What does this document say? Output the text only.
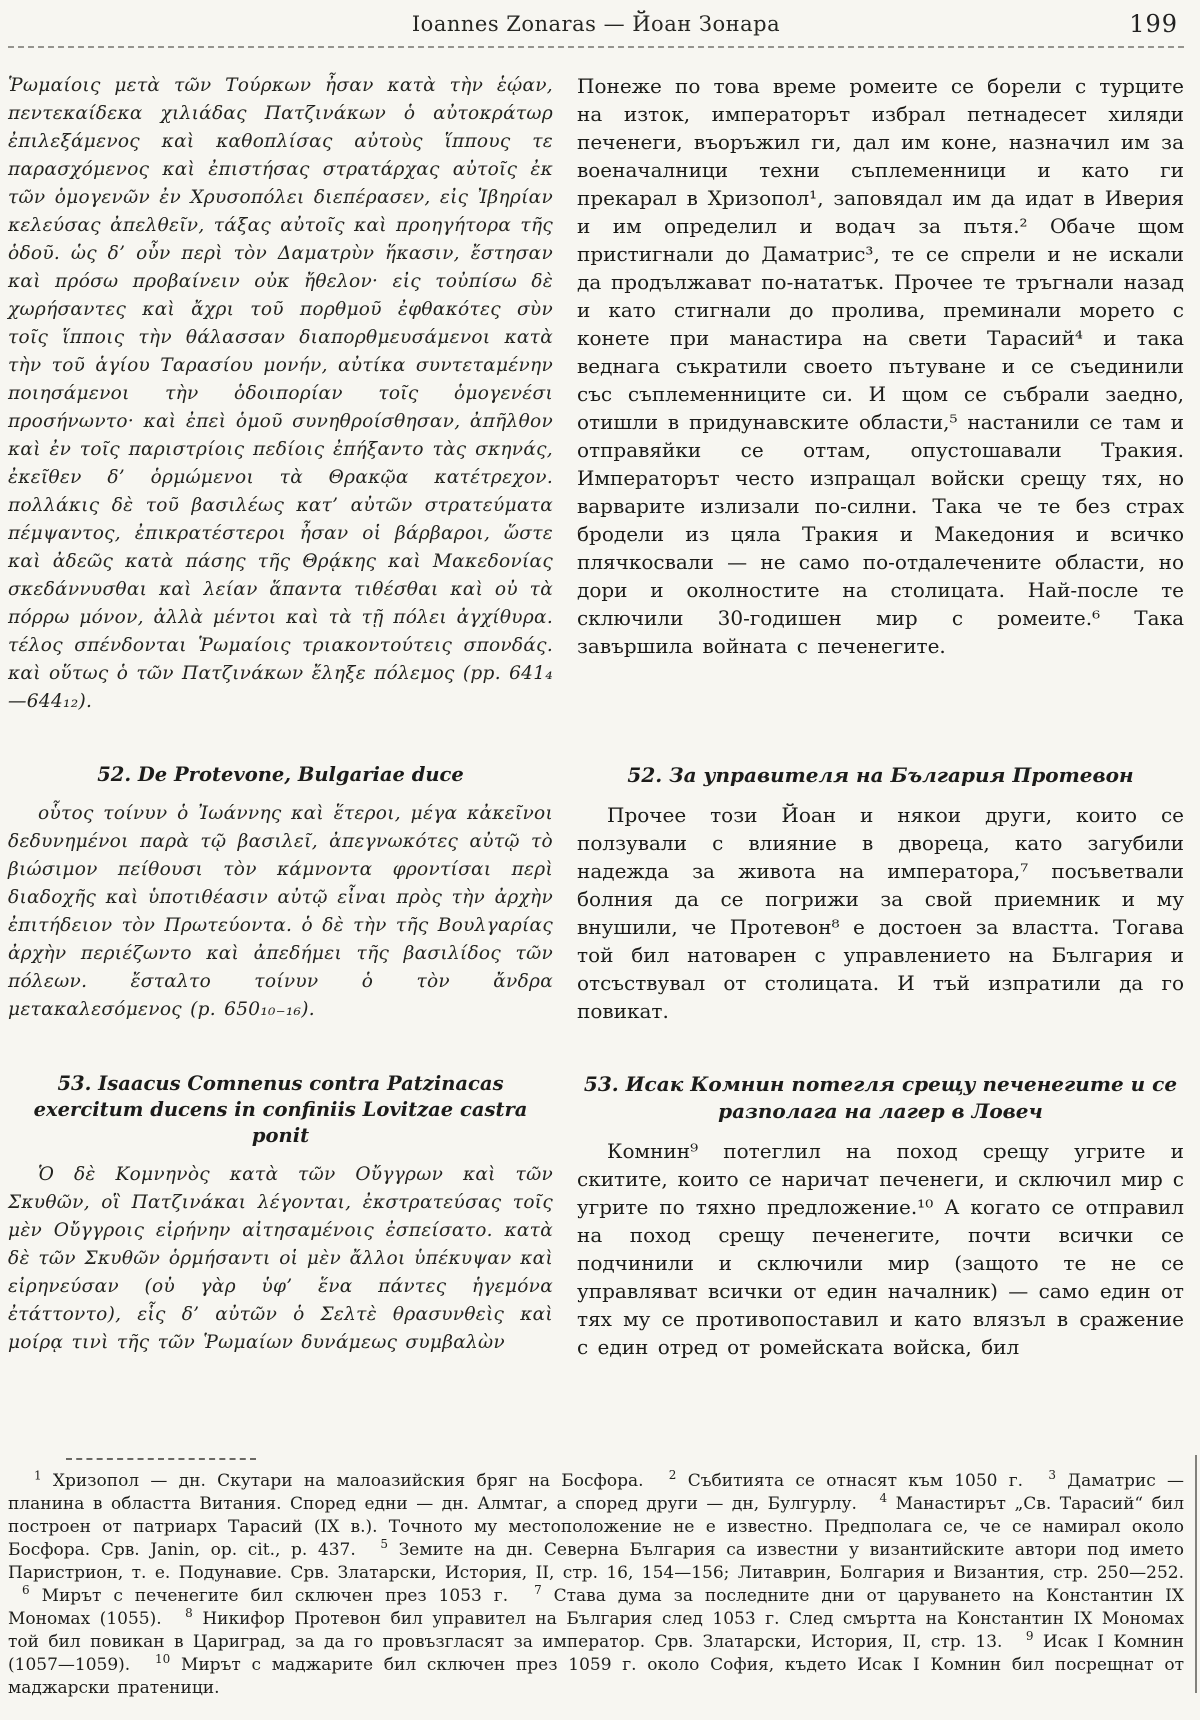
Ioannes Zonaras — Йоан Зонара	199

Ῥωμαίοις μετὰ τῶν Τούρκων ἦσαν κατὰ τὴν ἑῴαν, πεντεκαίδεκα χιλιάδας Πατζινάκων ὁ αὐτοκράτωρ ἐπιλεξάμενος καὶ καθοπλίσας αὐτοὺς ἵππους τε παρασχόμενος καὶ ἐπιστήσας στρατάρχας αὐτοῖς ἐκ τῶν ὁμογενῶν ἐν Χρυσοπόλει διεπέρασεν, εἰς Ἰβηρίαν κελεύσας ἀπελθεῖν, τάξας αὐτοῖς καὶ προηγήτορα τῆς ὁδοῦ. ὡς δ’ οὖν περὶ τὸν Δαματρὺν ἥκασιν, ἔστησαν καὶ πρόσω προβαίνειν οὐκ ἤθελον· εἰς τοὐπίσω δὲ χωρήσαντες καὶ ἄχρι τοῦ πορθμοῦ ἐφθακότες σὺν τοῖς ἵπποις τὴν θάλασσαν διαπορθμευσάμενοι κατὰ τὴν τοῦ ἁγίου Ταρασίου μονήν, αὐτίκα συντεταμένην ποιησάμενοι τὴν ὁδοιπορίαν τοῖς ὁμογενέσι προσήνωντο· καὶ ἐπεὶ ὁμοῦ συνηθροίσθησαν, ἀπῆλθον καὶ ἐν τοῖς παριστρίοις πεδίοις ἐπήξαντο τὰς σκηνάς, ἐκεῖθεν δ’ ὁρμώμενοι τὰ Θρακῷα κατέτρεχον. πολλάκις δὲ τοῦ βασιλέως κατ’ αὐτῶν στρατεύματα πέμψαντος, ἐπικρατέστεροι ἦσαν οἱ βάρβαροι, ὥστε καὶ ἀδεῶς κατὰ πάσης τῆς Θρᾴκης καὶ Μακεδονίας σκεδάννυσθαι καὶ λείαν ἅπαντα τιθέσθαι καὶ οὐ τὰ πόρρω μόνον, ἀλλὰ μέντοι καὶ τὰ τῇ πόλει ἀγχίθυρα. τέλος σπένδονται Ῥωμαίοις τριακοντούτεις σπονδάς. καὶ οὕτως ὁ τῶν Πατζινάκων ἔληξε πόλεμος (pp. 641₄—644₁₂).

Понеже по това време ромеите се борели с турците на изток, императорът избрал петнадесет хиляди печенеги, въоръжил ги, дал им коне, назначил им за военачалници техни съплеменници и като ги прекарал в Хризопол¹, заповядал им да идат в Иверия и им определил и водач за пътя.² Обаче щом пристигнали до Даматрис³, те се спрели и не искали да продължават по-нататък. Прочее те тръгнали назад и като стигнали до пролива, преминали морето с конете при манастира на свети Тарасий⁴ и така веднага съкратили своето пътуване и се съединили със съплеменниците си. И щом се събрали заедно, отишли в придунавските области,⁵ настанили се там и отправяйки се оттам, опустошавали Тракия. Императорът често изпращал войски срещу тях, но варварите излизали по-силни. Така че те без страх бродели из цяла Тракия и Македония и всичко плячкосвали — не само по-отдалечените области, но дори и околностите на столицата. Най-после те сключили 30-годишен мир с ромеите.⁶ Така завършила войната с печенегите.

52. De Protevone, Bulgariae duce

οὗτος τοίνυν ὁ Ἰωάννης καὶ ἕτεροι, μέγα κἀκεῖνοι δεδυνημένοι παρὰ τῷ βασιλεῖ, ἀπεγνωκότες αὐτῷ τὸ βιώσιμον πείθουσι τὸν κάμνοντα φροντίσαι περὶ διαδοχῆς καὶ ὑποτιθέασιν αὐτῷ εἶναι πρὸς τὴν ἀρχὴν ἐπιτήδειον τὸν Πρωτεύοντα. ὁ δὲ τὴν τῆς Βουλγαρίας ἀρχὴν περιέζωντο καὶ ἀπεδήμει τῆς βασιλίδος τῶν πόλεων. ἔσταλτο τοίνυν ὁ τὸν ἄνδρα μετακαλεσόμενος (p. 650₁₀₋₁₆).

52. За управителя на България Протевон

Прочее този Йоан и някои други, които се ползували с влияние в двореца, като загубили надежда за живота на императора,⁷ посъветвали болния да се погрижи за свой приемник и му внушили, че Протевон⁸ е достоен за властта. Тогава той бил натоварен с управлението на България и отсъствувал от столицата. И тъй изпратили да го повикат.

53. Isaacus Comnenus contra Patzinacas exercitum ducens in confiniis Lovitzae castra ponit

Ὁ δὲ Κομνηνὸς κατὰ τῶν Οὔγγρων καὶ τῶν Σκυθῶν, οἳ Πατζινάκαι λέγονται, ἐκστρατεύσας τοῖς μὲν Οὔγγροις εἰρήνην αἰτησαμένοις ἐσπείσατο. κατὰ δὲ τῶν Σκυθῶν ὁρμήσαντι οἱ μὲν ἄλλοι ὑπέκυψαν καὶ εἰρηνεύσαν (οὐ γὰρ ὑφ’ ἕνα πάντες ἡγεμόνα ἐτάττοντο), εἷς δ’ αὐτῶν ὁ Σελτὲ θρασυνθεὶς καὶ μοίρᾳ τινὶ τῆς τῶν Ῥωμαίων δυνάμεως συμβαλὼν

53. Исак Комнин потегля срещу печенегите и се разполага на лагер в Ловеч

Комнин⁹ потеглил на поход срещу угрите и скитите, които се наричат печенеги, и сключил мир с угрите по тяхно предложение.¹⁰ А когато се отправил на поход срещу печенегите, почти всички се подчинили и сключили мир (защото те не се управляват всички от един началник) — само един от тях му се противопоставил и като влязъл в сражение с един отред от ромейската войска, бил

$^1$ Хризопол — дн. Скутари на малоазийския бряг на Босфора. $^2$ Събитията се отнасят към 1050 г. $^3$ Даматрис — планина в областта Витания. Според едни — дн. Алмтаг, а според други — дн, Булгурлу. $^4$ Манастирът „Св. Тарасий“ бил построен от патриарх Тарасий (IX в.). Точното му местоположение не е известно. Предполага се, че се намирал около Босфора. Срв. Janin, op. cit., p. 437. $^5$ Земите на дн. Северна България са известни у византийските автори под името Паристрион, т. е. Подунавие. Срв. Златарски, История, II, стр. 16, 154—156; Литаврин, Болгария и Византия, стр. 250—252. $^6$ Мирът с печенегите бил сключен през 1053 г. $^7$ Става дума за последните дни от царуването на Константин IX Мономах (1055). $^8$ Никифор Протевон бил управител на България след 1053 г. След смъртта на Константин IX Мономах той бил повикан в Цариград, за да го провъзгласят за император. Срв. Златарски, История, II, стр. 13. $^9$ Исак I Комнин (1057—1059). $^{10}$ Мирът с маджарите бил сключен през 1059 г. около София, където Исак I Комнин бил посрещнат от маджарски пратеници.
